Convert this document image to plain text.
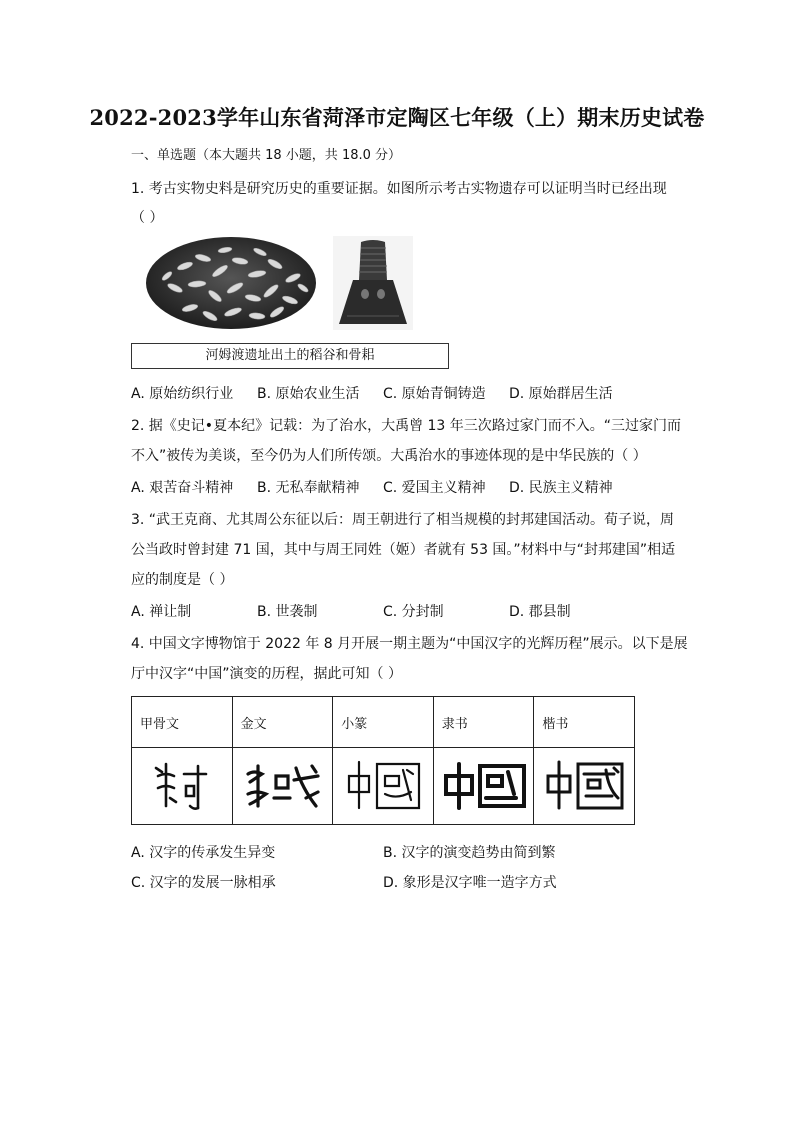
2022-2023学年山东省菏泽市定陶区七年级（上）期末历史试卷
一、单选题（本大题共 18 小题，共 18.0 分）
1. 考古实物史料是研究历史的重要证据。如图所示考古实物遗存可以证明当时已经出现
（ ）
河姆渡遗址出土的稻谷和骨耜
A. 原始纺织行业 B. 原始农业生活 C. 原始青铜铸造 D. 原始群居生活
2. 据《史记•夏本纪》记载：为了治水，大禹曾 13 年三次路过家门而不入。“三过家门而
不入”被传为美谈，至今仍为人们所传颂。大禹治水的事迹体现的是中华民族的（ ）
A. 艰苦奋斗精神 B. 无私奉献精神 C. 爱国主义精神 D. 民族主义精神
3. “武王克商、尤其周公东征以后：周王朝进行了相当规模的封邦建国活动。荀子说，周
公当政时曾封建 71 国，其中与周王同姓（姬）者就有 53 国。”材料中与“封邦建国”相适
应的制度是（ ）
A. 禅让制	B. 世袭制	C. 分封制	D. 郡县制
4. 中国文字博物馆于 2022 年 8 月开展一期主题为“中国汉字的光辉历程”展示。以下是展
厅中汉字“中国”演变的历程，据此可知（ ）
甲骨文	金文	小篆	隶书	楷书

A. 汉字的传承发生异变	B. 汉字的演变趋势由简到繁
C. 汉字的发展一脉相承	D. 象形是汉字唯一造字方式
